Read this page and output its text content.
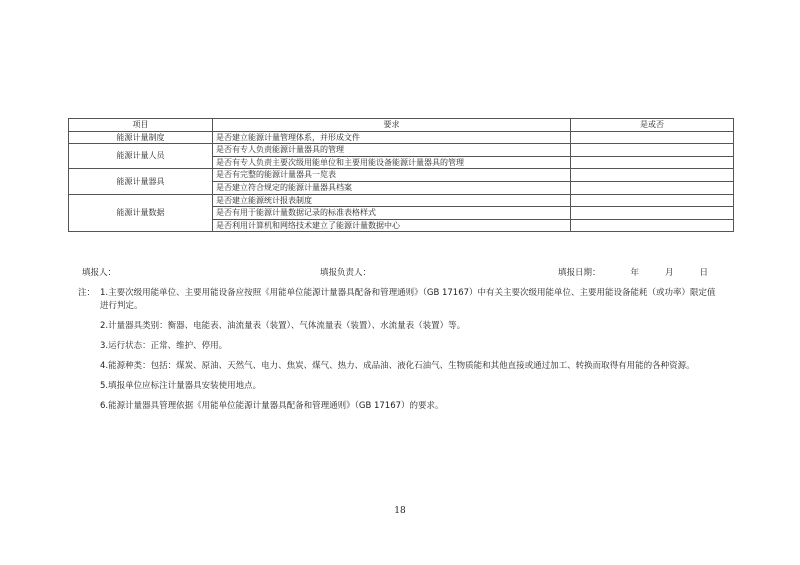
项目	要求	是或否
能源计量制度	是否建立能源计量管理体系，并形成文件	
能源计量人员	是否有专人负责能源计量器具的管理	
	是否有专人负责主要次级用能单位和主要用能设备能源计量器具的管理	
能源计量器具	是否有完整的能源计量器具一览表	
	是否建立符合规定的能源计量器具档案	
能源计量数据	是否建立能源统计报表制度	
	是否有用于能源计量数据记录的标准表格样式	
	是否利用计算机和网络技术建立了能源计量数据中心	
填报人：	填报负责人：	填报日期：	年	月	日
注： 1.主要次级用能单位、主要用能设备应按照《用能单位能源计量器具配备和管理通则》（GB 17167）中有关主要次级用能单位、主要用能设备能耗（或功率）限定值进行判定。
2.计量器具类别：衡器、电能表、油流量表（装置）、气体流量表（装置）、水流量表（装置）等。
3.运行状态：正常、维护、停用。
4.能源种类：包括：煤炭、原油、天然气、电力、焦炭、煤气、热力、成品油、液化石油气、生物质能和其他直接或通过加工、转换而取得有用能的各种资源。
5.填报单位应标注计量器具安装使用地点。
6.能源计量器具管理依据《用能单位能源计量器具配备和管理通则》（GB 17167）的要求。
18
